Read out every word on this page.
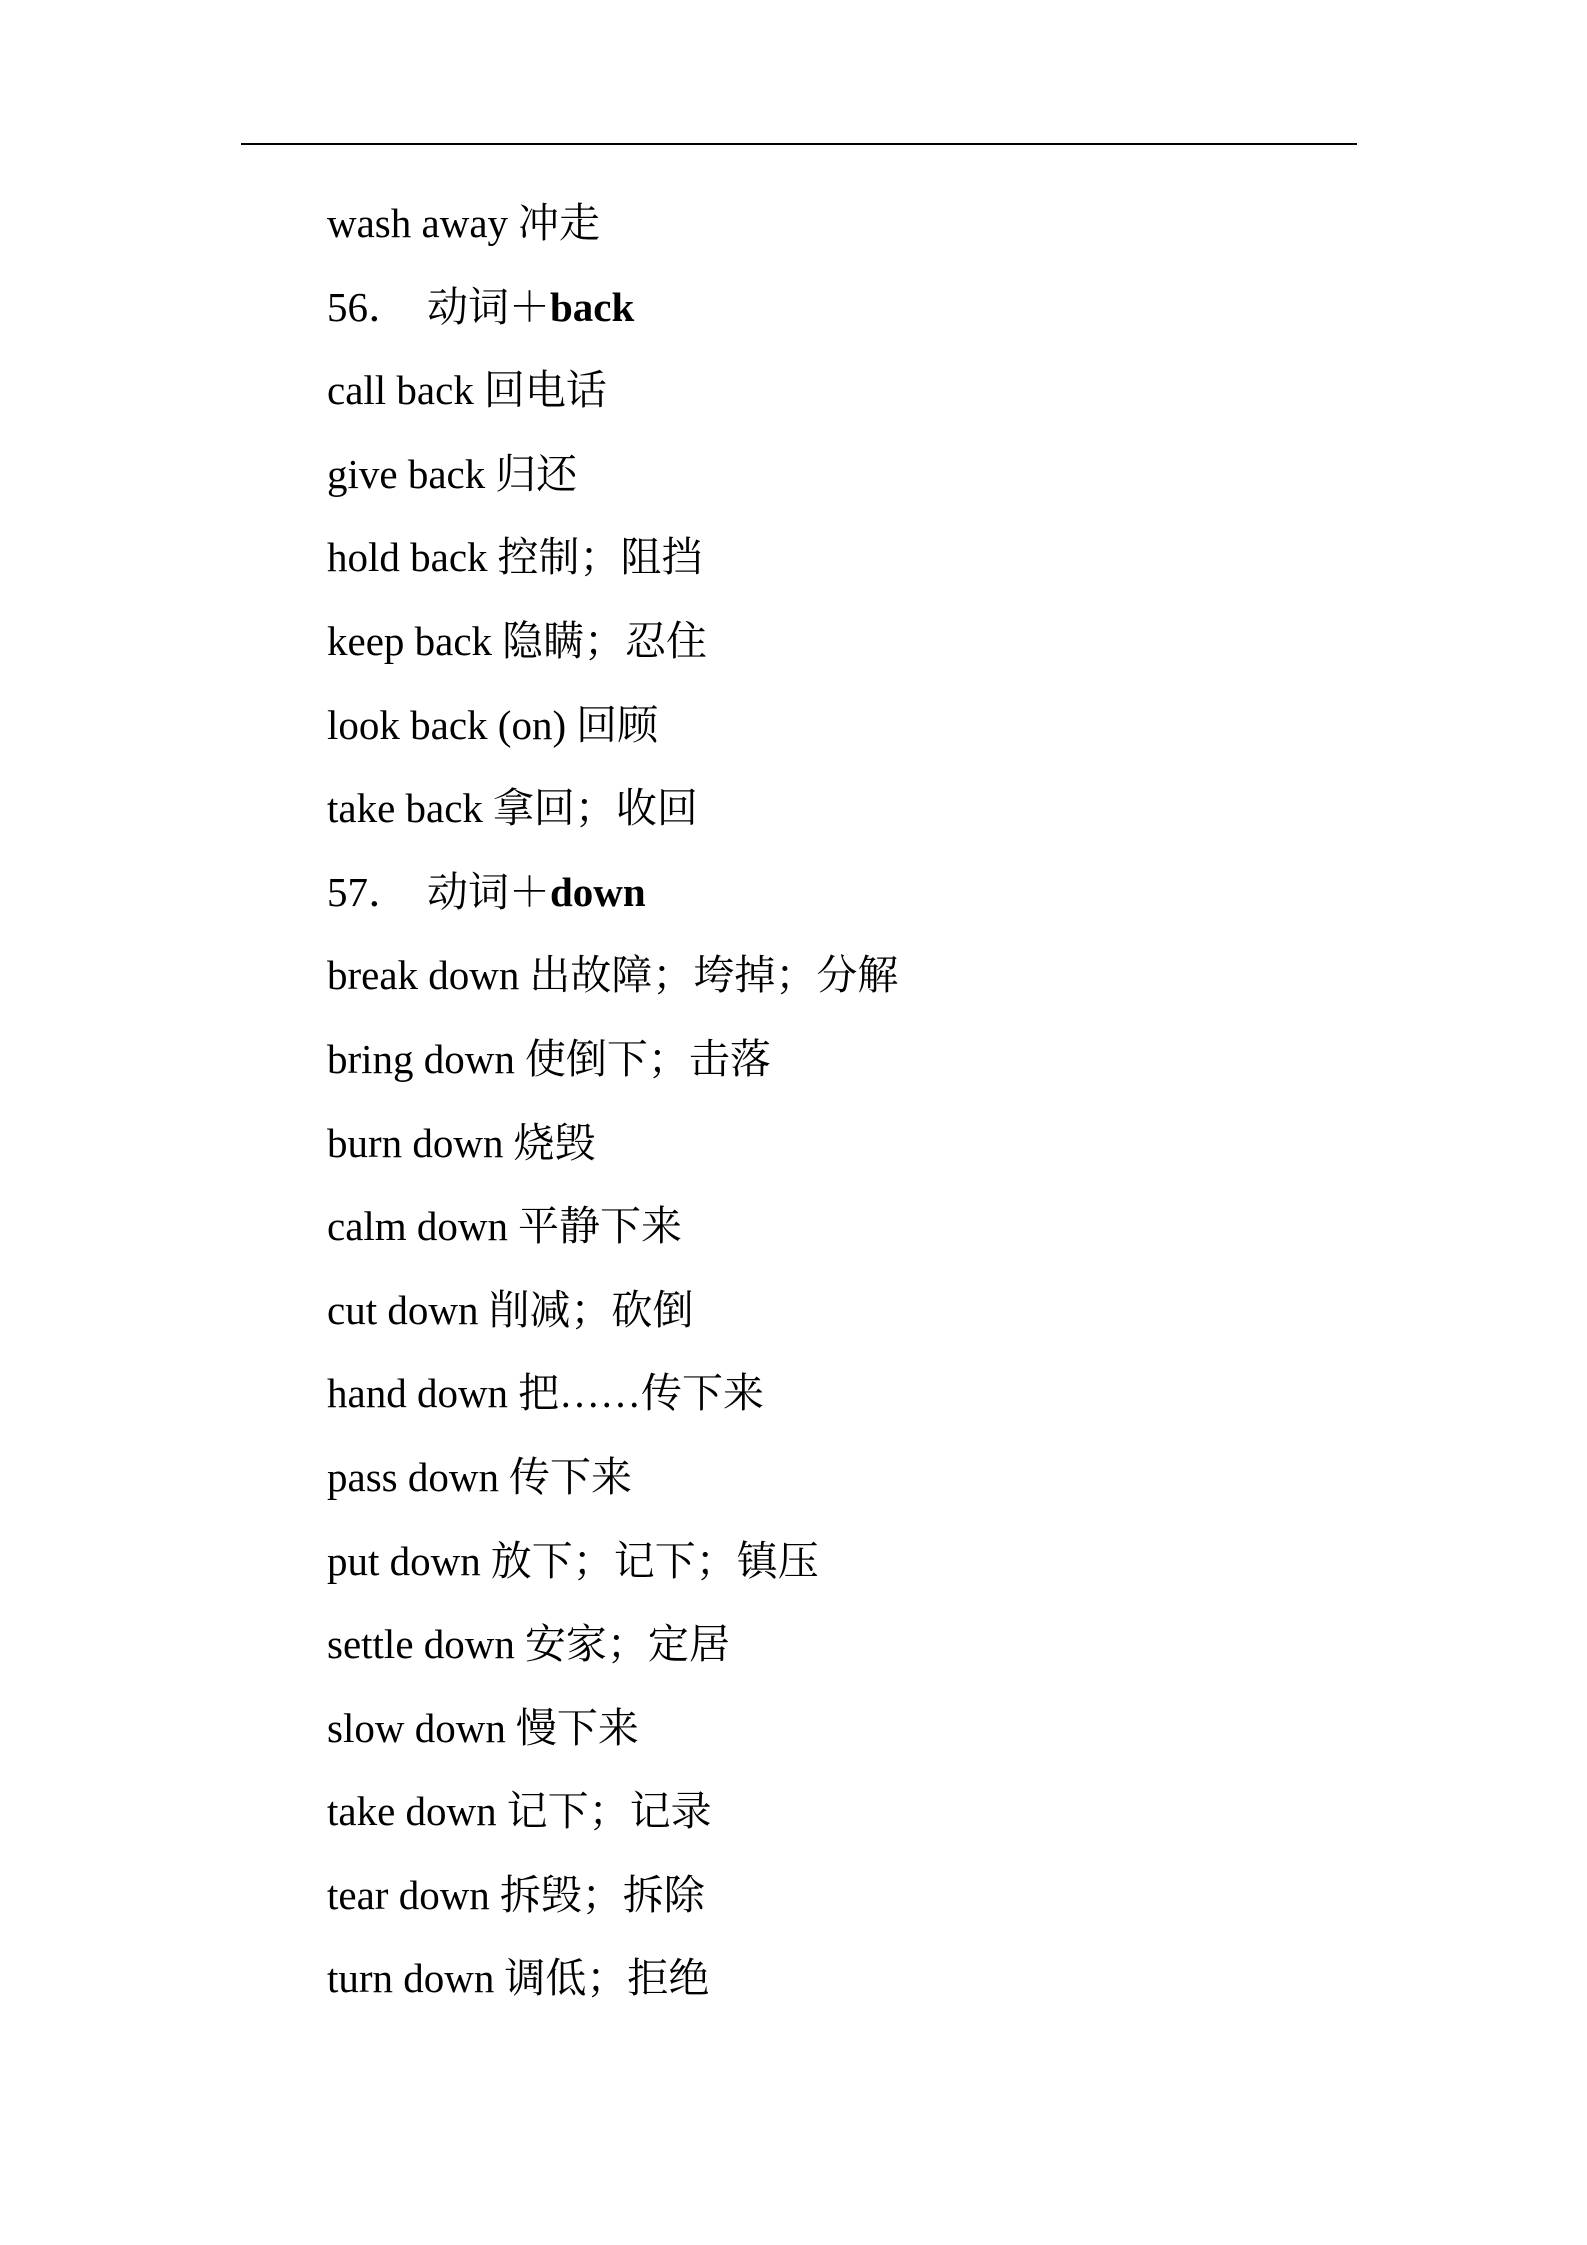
wash away 冲走
56． 动词＋back
call back 回电话
give back 归还
hold back 控制；阻挡
keep back 隐瞒；忍住
look back (on) 回顾
take back 拿回；收回
57． 动词＋down
break down 出故障；垮掉；分解
bring down 使倒下；击落
burn down 烧毁
calm down 平静下来
cut down 削减；砍倒
hand down 把……传下来
pass down 传下来
put down 放下；记下；镇压
settle down 安家；定居
slow down 慢下来
take down 记下；记录
tear down 拆毁；拆除
turn down 调低；拒绝
